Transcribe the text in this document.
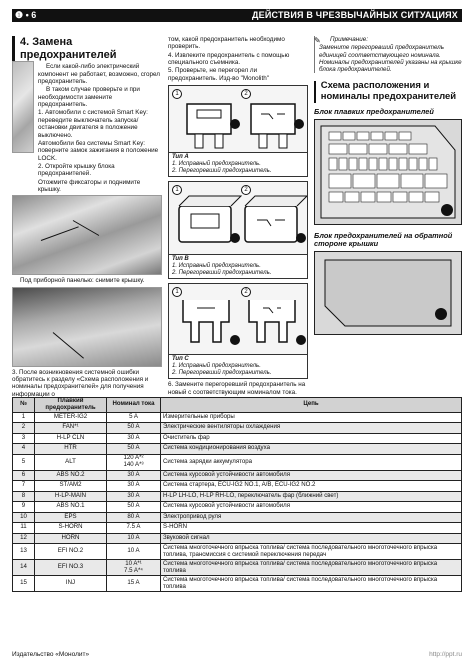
❶ • 6	ДЕЙСТВИЯ В ЧРЕЗВЫЧАЙНЫХ СИТУАЦИЯХ
4. Замена предохранителей

Если какой-либо электрический компонент не работает, возможно, сгорел предохранитель.

В таком случае проверьте и при необходимости замените предохранитель.

1. Автомобили с системой Smart Key: переведите выключатель запуска/остановки двигателя в положение выключено.

Автомобили без системы Smart Key: поверните замок зажигания в положение LOCK.

2. Откройте крышку блока предохранителей.

Отожмите фиксаторы и поднимите крышку.

Под приборной панелью: снимите крышку.

3. После возникновения системной ошибки обратитесь к разделу «Схема расположения и номиналы предохранителей» для получения информации о

том, какой предохранитель необходимо проверить.

4. Извлеките предохранитель с помощью специального съемника.

5. Проверьте, не перегорел ли предохранитель. Изд-во "Monolith"

1	2
Тип A
1. Исправный предохранитель.
2. Перегоревший предохранитель.
1	2
Тип B
1. Исправный предохранитель.
2. Перегоревший предохранитель.
1	2
Тип C
1. Исправный предохранитель.
2. Перегоревший предохранитель.

6. Замените перегоревший предохранитель на новый с соответствующим номиналом тока.

✎	Примечание:
Замените перегоревший предохранитель единицей соответствующего номинала. Номиналы предохранителей указаны на крышке блока предохранителей.
Схема расположения и номиналы предохранителей
Блок плавких предохранителей
Блок предохранителей на обратной стороне крышки
№	Плавкий предохранитель	Номинал тока	Цепь
1	METER-IG2	5 A	Измерительные приборы
2	FAN*¹	50 A	Электрические вентиляторы охлаждения
3	H-LP CLN	30 A	Очиститель фар
4	HTR	50 A	Система кондиционирования воздуха
5	ALT	120 A*²
140 A*³	Система зарядки аккумулятора
6	ABS NO.2	30 A	Система курсовой устойчивости автомобиля
7	ST/AM2	30 A	Система стартера, ECU-IG2 NO.1, A/B, ECU-IG2 NO.2
8	H-LP-MAIN	30 A	H-LP LH-LO, H-LP RH-LO, переключатель фар (ближний свет)
9	ABS NO.1	50 A	Система курсовой устойчивости автомобиля
10	EPS	80 A	Электропривод руля
11	S-HORN	7.5 A	S-HORN
12	HORN	10 A	Звуковой сигнал
13	EFI NO.2	10 A	Система многоточечного впрыска топлива/ система последовательного многоточечного впрыска топлива, трансмиссия с системой переключения передач
14	EFI NO.3	10 A*¹
7.5 A*⁴	Система многоточечного впрыска топлива/ система последовательного многоточечного впрыска топлива
15	INJ	15 A	Система многоточечного впрыска топлива/ система последовательного многоточечного впрыска топлива
Издательство «Монолит»	http://ppt.ru
